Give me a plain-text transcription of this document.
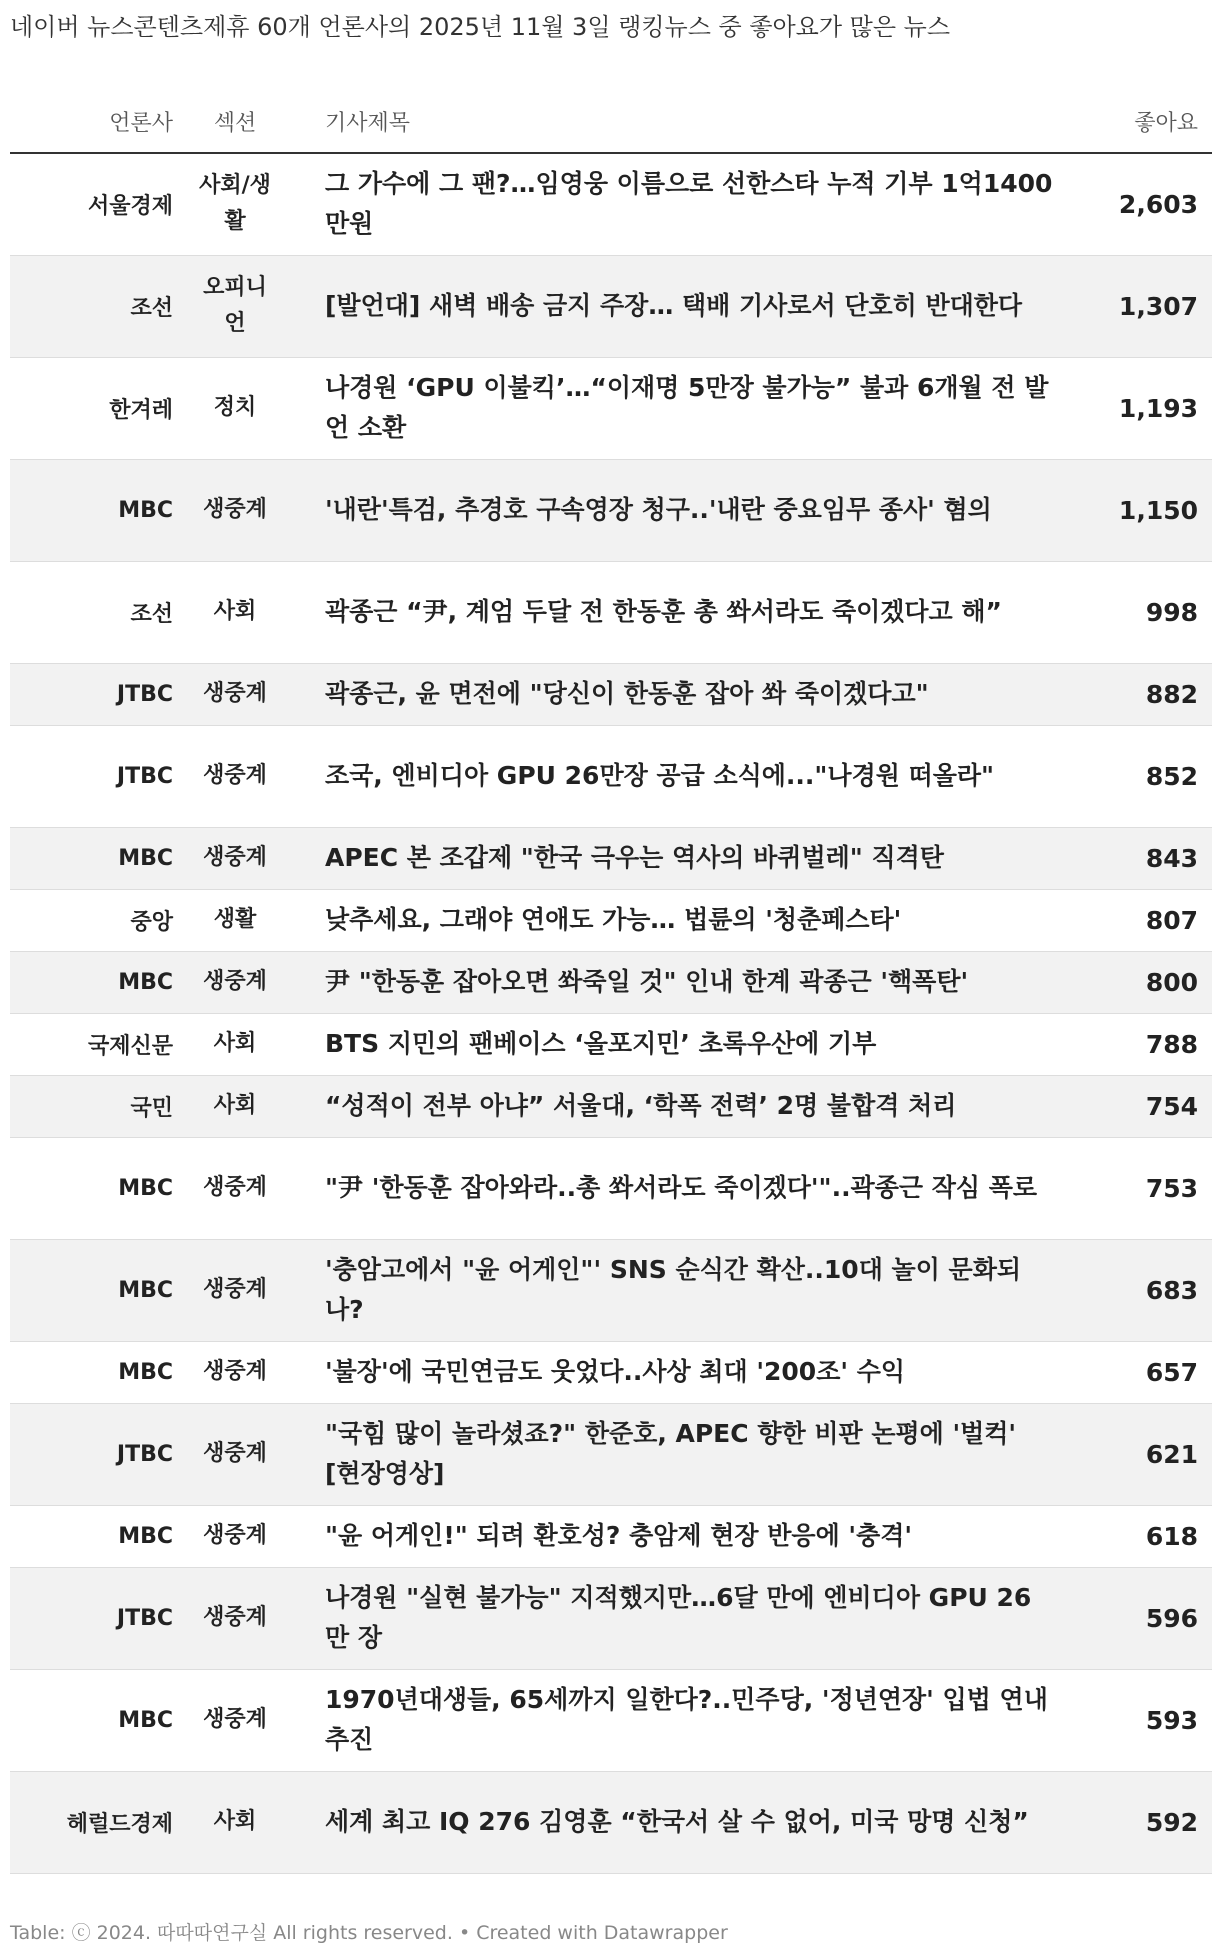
네이버 뉴스콘텐츠제휴 60개 언론사의 2025년 11월 3일 랭킹뉴스 중 좋아요가 많은 뉴스
언론사	섹션	기사제목	좋아요
서울경제	사회/생활	그 가수에 그 팬?…임영웅 이름으로 선한스타 누적 기부 1억1400만원	2,603
조선	오피니언	[발언대] 새벽 배송 금지 주장… 택배 기사로서 단호히 반대한다	1,307
한겨레	정치	나경원 ‘GPU 이불킥’…“이재명 5만장 불가능” 불과 6개월 전 발언 소환	1,193
MBC	생중계	'내란'특검, 추경호 구속영장 청구..'내란 중요임무 종사' 혐의	1,150
조선	사회	곽종근 “尹, 계엄 두달 전 한동훈 총 쏴서라도 죽이겠다고 해”	998
JTBC	생중계	곽종근, 윤 면전에 "당신이 한동훈 잡아 쏴 죽이겠다고"	882
JTBC	생중계	조국, 엔비디아 GPU 26만장 공급 소식에..."나경원 떠올라"	852
MBC	생중계	APEC 본 조갑제 "한국 극우는 역사의 바퀴벌레" 직격탄	843
중앙	생활	낮추세요, 그래야 연애도 가능… 법륜의 '청춘페스타'	807
MBC	생중계	尹 "한동훈 잡아오면 쏴죽일 것" 인내 한계 곽종근 '핵폭탄'	800
국제신문	사회	BTS 지민의 팬베이스 ‘올포지민’ 초록우산에 기부	788
국민	사회	“성적이 전부 아냐” 서울대, ‘학폭 전력’ 2명 불합격 처리	754
MBC	생중계	"尹 '한동훈 잡아와라..총 쏴서라도 죽이겠다'"..곽종근 작심 폭로	753
MBC	생중계	'충암고에서 "윤 어게인"' SNS 순식간 확산..10대 놀이 문화되나?	683
MBC	생중계	'불장'에 국민연금도 웃었다..사상 최대 '200조' 수익	657
JTBC	생중계	"국힘 많이 놀라셨죠?" 한준호, APEC 향한 비판 논평에 '벌컥' [현장영상]	621
MBC	생중계	"윤 어게인!" 되려 환호성? 충암제 현장 반응에 '충격'	618
JTBC	생중계	나경원 "실현 불가능" 지적했지만…6달 만에 엔비디아 GPU 26만 장	596
MBC	생중계	1970년대생들, 65세까지 일한다?..민주당, '정년연장' 입법 연내 추진	593
헤럴드경제	사회	세계 최고 IQ 276 김영훈 “한국서 살 수 없어, 미국 망명 신청”	592
Table: ⓒ 2024. 따따따연구실 All rights reserved. • Created with Datawrapper
